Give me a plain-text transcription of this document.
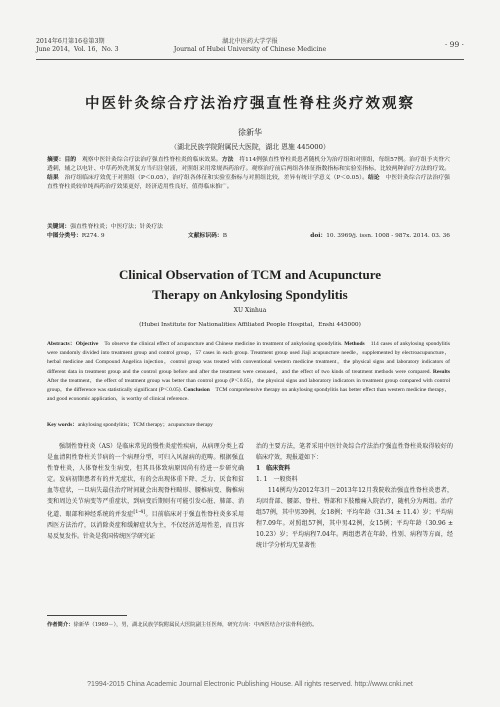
2014年6月第16卷第3期
June 2014，Vol. 16，No. 3
湖北中医药大学学报
Journal of Hubei University of Chinese Medicine
· 99 ·
中医针灸综合疗法治疗强直性脊柱炎疗效观察
徐新华
（湖北民族学院附属民大医院，湖北 恩施 445000）
摘要：目的　 观察中医针灸综合疗法治疗强直性脊柱炎的临床效果。方法　 将114例强直性脊柱炎患者随机分为治疗组和对照组，每组57例。治疗组予夹脊穴透刺，辅之以电针、中草药外洗剂复方当归注射液，对照组采用常规西药治疗。观察治疗前后两组各体征指数指标和实验室指标，比较两种治疗方法的疗效。结果　 治疗组临床疗效优于对照组（P＜0.05），治疗组各体征和实验室指标与对照组比较，差异有统计学意义（P＜0.05）。结论　 中医针灸综合疗法治疗强直性脊柱炎较单纯西药治疗效果更好，经济适用性良好，值得临床推广。
关键词：强直性脊柱炎；中医疗法；针灸疗法
中图分类号：R274. 9	文献标识码：B	doi：10. 3969/j. issn. 1008 - 987x. 2014. 03. 36
Clinical Observation of TCM and Acupuncture
Therapy on Ankylosing Spondylitis
XU Xinhua
(Hubei Institute for Nationalities Affiliated People Hospital，Enshi 445000)
Abstracts：Objective　 To observe the clinical effect of acupuncture and Chinese medicine in treatment of ankylosing spondylitis. Methods　 114 cases of ankylosing spondylitis were randomly divided into treatment group and control group，57 cases in each group. Treatment group used Jiaji acupuncture needle，supplemented by electroacupuncture，herbal medicine and Compound Angelica injection，control group was treated with conventional western medicine treatment，the physical signs and laboratory indicators of different data in treatment group and the control group before and after the treatment were censused，and the effect of two kinds of treatment methods were compared. Results　After the treatment，the effect of treatment group was better than control group (P＜0.05)，the physical signs and laboratory indicators in treatment group compared with control group，the difference was statistically significant (P＜0.05). Conclusion　 TCM comprehensive therapy on ankylosing spondylitis has better effect than western medicine therapy，and good economic application，is worthy of clinical reference.
Key words：ankylosing spondylitis；TCM therapy；acupuncture therapy

强制性脊柱炎（AS）是临床常见的慢性炎症性疾病，从病理分类上看是血清阴性脊柱关节病的一个病理分型，可归入风湿病的范畴。根据强直性脊柱炎，人体脊柱发生病变，但其具体致病原因尚有待进一步研究确定。发病初期患者有的并无症状，有的会出现体重下降、乏力、厌食和贫血等症状，一旦病失最佳治疗时间就会出现脊柱畸形、腰椎病变、胸椎病变和周边关节病变等严重症状，到病变后期则有可能引发心脏、肺部、消化道、眼部和神经系统的并发症[1-4]。目前临床对于强直性脊柱炎多采用西医方法治疗，以消除炎症和缓解症状为主，不仅经济适用性差，而且容易反复发作。针灸是我国传统医学研究证

治的主要方法，笔者采用中医针灸综合疗法治疗强直性脊柱炎取得较好的临床疗效，现报道如下：

1　临床资料

1. 1　一般资料

114例均为2012年3月－2013年12月我院收治强直性脊柱炎患者，均因背部、腰部、脊柱、臀部和下肢酸痛入院治疗，随机分为两组。治疗组57例，其中男39例，女18例；平均年龄（31.34 ± 11.4）岁；平均病程7.09年。对照组57例，其中男42例，女15例；平均年龄（30.96 ± 10.23）岁；平均病程7.04年。两组患者在年龄、性别、病程等方面，经统计学分析均无显著性

作者简介：徐新华（1969－），男，湖北民族学院附属民大医院副主任医师，研究方向：中西医结合疗法骨科创伤。
?1994-2015 China Academic Journal Electronic Publishing House. All rights reserved. http://www.cnki.net
